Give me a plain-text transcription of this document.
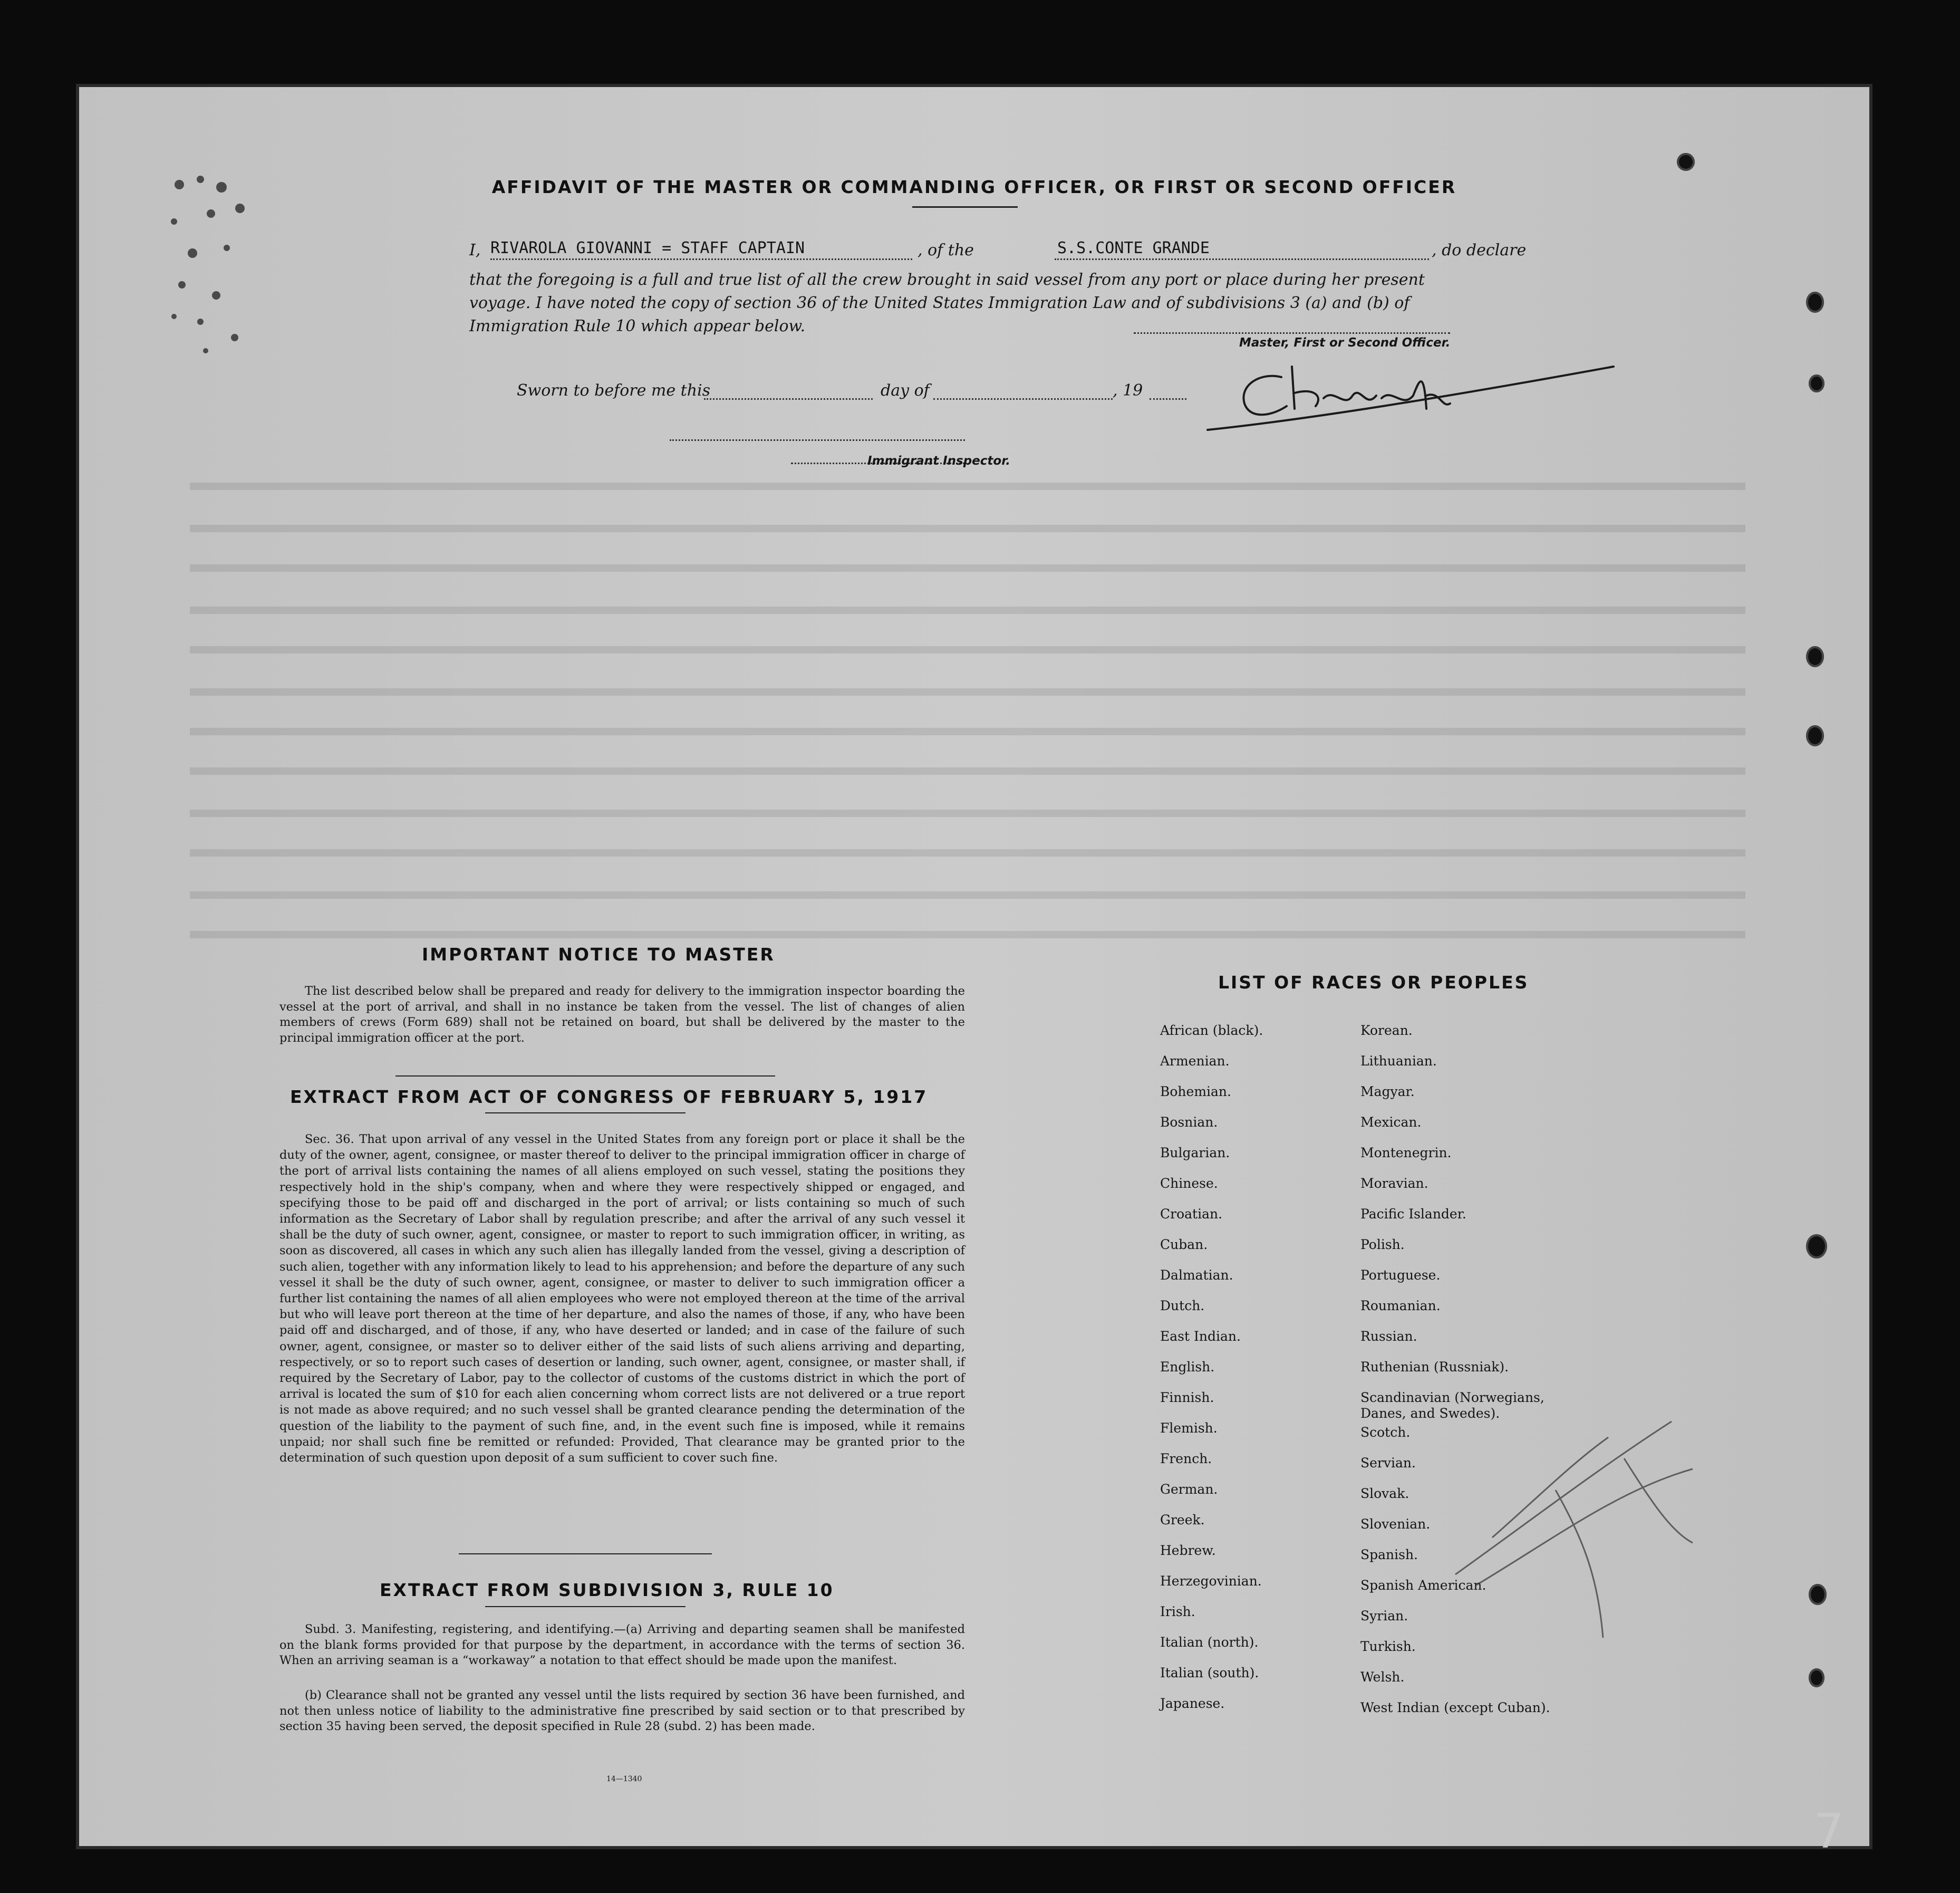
AFFIDAVIT OF THE MASTER OR COMMANDING OFFICER, OR FIRST OR SECOND OFFICER
I, RIVAROLA GIOVANNI = STAFF CAPTAIN	, of the	S.S.CONTE GRANDE	, do declare
that the foregoing is a full and true list of all the crew brought in said vessel from any port or place during her present
voyage. I have noted the copy of section 36 of the United States Immigration Law and of subdivisions 3 (a) and (b) of
Immigration Rule 10 which appear below.
Master, First or Second Officer.
Sworn to before me this	day of	, 19
Immigrant Inspector.
IMPORTANT NOTICE TO MASTER
The list described below shall be prepared and ready for delivery to the immigration inspector boarding the vessel at the port of arrival, and shall in no instance be taken from the vessel. The list of changes of alien members of crews (Form 689) shall not be retained on board, but shall be delivered by the master to the principal immigration officer at the port.
EXTRACT FROM ACT OF CONGRESS OF FEBRUARY 5, 1917
Sec. 36. That upon arrival of any vessel in the United States from any foreign port or place it shall be the duty of the owner, agent, consignee, or master thereof to deliver to the principal immigration officer in charge of the port of arrival lists containing the names of all aliens employed on such vessel, stating the positions they respectively hold in the ship's company, when and where they were respectively shipped or engaged, and specifying those to be paid off and discharged in the port of arrival; or lists containing so much of such information as the Secretary of Labor shall by regulation prescribe; and after the arrival of any such vessel it shall be the duty of such owner, agent, consignee, or master to report to such immigration officer, in writing, as soon as discovered, all cases in which any such alien has illegally landed from the vessel, giving a description of such alien, together with any information likely to lead to his apprehension; and before the departure of any such vessel it shall be the duty of such owner, agent, consignee, or master to deliver to such immigration officer a further list containing the names of all alien employees who were not employed thereon at the time of the arrival but who will leave port thereon at the time of her departure, and also the names of those, if any, who have been paid off and discharged, and of those, if any, who have deserted or landed; and in case of the failure of such owner, agent, consignee, or master so to deliver either of the said lists of such aliens arriving and departing, respectively, or so to report such cases of desertion or landing, such owner, agent, consignee, or master shall, if required by the Secretary of Labor, pay to the collector of customs of the customs district in which the port of arrival is located the sum of $10 for each alien concerning whom correct lists are not delivered or a true report is not made as above required; and no such vessel shall be granted clearance pending the determination of the question of the liability to the payment of such fine, and, in the event such fine is imposed, while it remains unpaid; nor shall such fine be remitted or refunded: Provided, That clearance may be granted prior to the determination of such question upon deposit of a sum sufficient to cover such fine.
EXTRACT FROM SUBDIVISION 3, RULE 10
Subd. 3. Manifesting, registering, and identifying.—(a) Arriving and departing seamen shall be manifested on the blank forms provided for that purpose by the department, in accordance with the terms of section 36. When an arriving seaman is a “workaway” a notation to that effect should be made upon the manifest.
(b) Clearance shall not be granted any vessel until the lists required by section 36 have been furnished, and not then unless notice of liability to the administrative fine prescribed by said section or to that prescribed by section 35 having been served, the deposit specified in Rule 28 (subd. 2) has been made.
14—1340
LIST OF RACES OR PEOPLES
African (black).
Armenian.
Bohemian.
Bosnian.
Bulgarian.
Chinese.
Croatian.
Cuban.
Dalmatian.
Dutch.
East Indian.
English.
Finnish.
Flemish.
French.
German.
Greek.
Hebrew.
Herzegovinian.
Irish.
Italian (north).
Italian (south).
Japanese.
Korean.
Lithuanian.
Magyar.
Mexican.
Montenegrin.
Moravian.
Pacific Islander.
Polish.
Portuguese.
Roumanian.
Russian.
Ruthenian (Russniak).
Scandinavian (Norwegians, Danes, and Swedes).
Scotch.
Servian.
Slovak.
Slovenian.
Spanish.
Spanish American.
Syrian.
Turkish.
Welsh.
West Indian (except Cuban).
7
